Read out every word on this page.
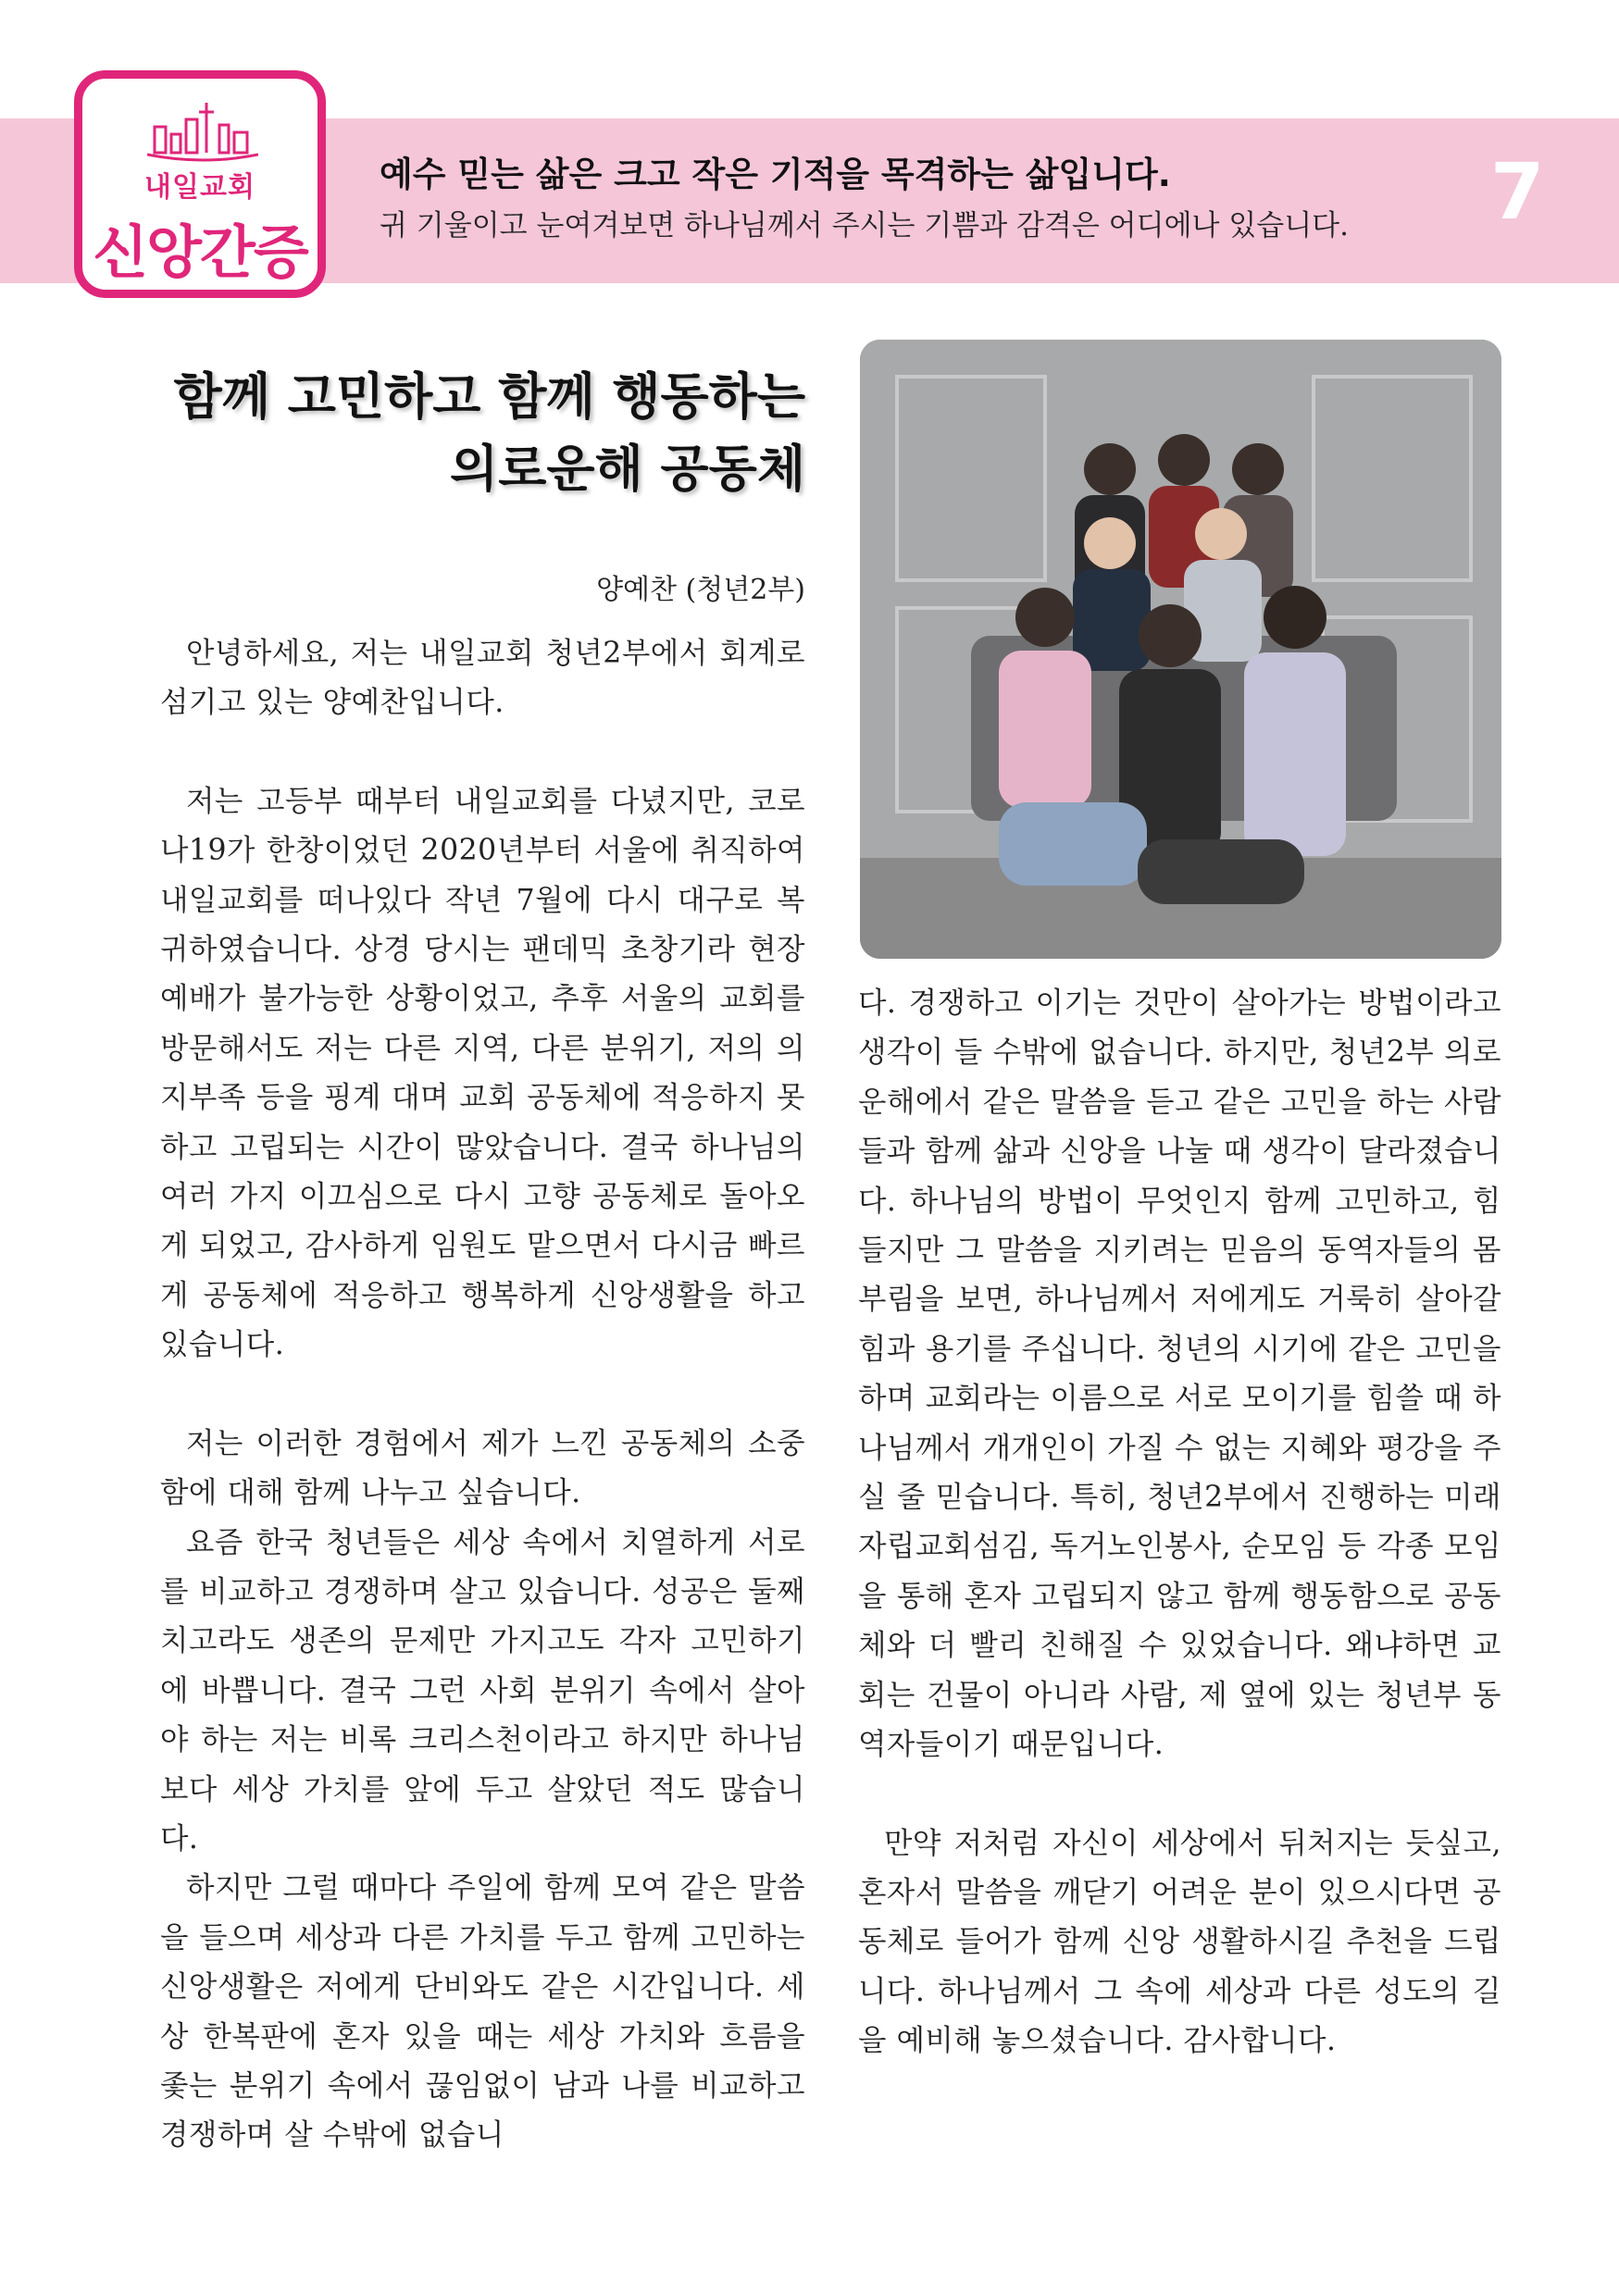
내일교회
신앙간증
예수 믿는 삶은 크고 작은 기적을 목격하는 삶입니다.
귀 기울이고 눈여겨보면 하나님께서 주시는 기쁨과 감격은 어디에나 있습니다. 7
함께 고민하고 함께 행동하는
의로운해 공동체
양예찬 (청년2부)

안녕하세요, 저는 내일교회 청년2부에서 회계로 섬기고 있는 양예찬입니다.

저는 고등부 때부터 내일교회를 다녔지만, 코로나19가 한창이었던 2020년부터 서울에 취직하여 내일교회를 떠나있다 작년 7월에 다시 대구로 복귀하였습니다. 상경 당시는 팬데믹 초창기라 현장 예배가 불가능한 상황이었고, 추후 서울의 교회를 방문해서도 저는 다른 지역, 다른 분위기, 저의 의지부족 등을 핑계 대며 교회 공동체에 적응하지 못하고 고립되는 시간이 많았습니다. 결국 하나님의 여러 가지 이끄심으로 다시 고향 공동체로 돌아오게 되었고, 감사하게 임원도 맡으면서 다시금 빠르게 공동체에 적응하고 행복하게 신앙생활을 하고 있습니다.

저는 이러한 경험에서 제가 느낀 공동체의 소중함에 대해 함께 나누고 싶습니다.

요즘 한국 청년들은 세상 속에서 치열하게 서로를 비교하고 경쟁하며 살고 있습니다. 성공은 둘째치고라도 생존의 문제만 가지고도 각자 고민하기에 바쁩니다. 결국 그런 사회 분위기 속에서 살아야 하는 저는 비록 크리스천이라고 하지만 하나님보다 세상 가치를 앞에 두고 살았던 적도 많습니다.

하지만 그럴 때마다 주일에 함께 모여 같은 말씀을 들으며 세상과 다른 가치를 두고 함께 고민하는 신앙생활은 저에게 단비와도 같은 시간입니다. 세상 한복판에 혼자 있을 때는 세상 가치와 흐름을 좇는 분위기 속에서 끊임없이 남과 나를 비교하고 경쟁하며 살 수밖에 없습니

다. 경쟁하고 이기는 것만이 살아가는 방법이라고 생각이 들 수밖에 없습니다. 하지만, 청년2부 의로운해에서 같은 말씀을 듣고 같은 고민을 하는 사람들과 함께 삶과 신앙을 나눌 때 생각이 달라졌습니다. 하나님의 방법이 무엇인지 함께 고민하고, 힘들지만 그 말씀을 지키려는 믿음의 동역자들의 몸부림을 보면, 하나님께서 저에게도 거룩히 살아갈 힘과 용기를 주십니다. 청년의 시기에 같은 고민을 하며 교회라는 이름으로 서로 모이기를 힘쓸 때 하나님께서 개개인이 가질 수 없는 지혜와 평강을 주실 줄 믿습니다. 특히, 청년2부에서 진행하는 미래자립교회섬김, 독거노인봉사, 순모임 등 각종 모임을 통해 혼자 고립되지 않고 함께 행동함으로 공동체와 더 빨리 친해질 수 있었습니다. 왜냐하면 교회는 건물이 아니라 사람, 제 옆에 있는 청년부 동역자들이기 때문입니다.

만약 저처럼 자신이 세상에서 뒤처지는 듯싶고, 혼자서 말씀을 깨닫기 어려운 분이 있으시다면 공동체로 들어가 함께 신앙 생활하시길 추천을 드립니다. 하나님께서 그 속에 세상과 다른 성도의 길을 예비해 놓으셨습니다. 감사합니다.
